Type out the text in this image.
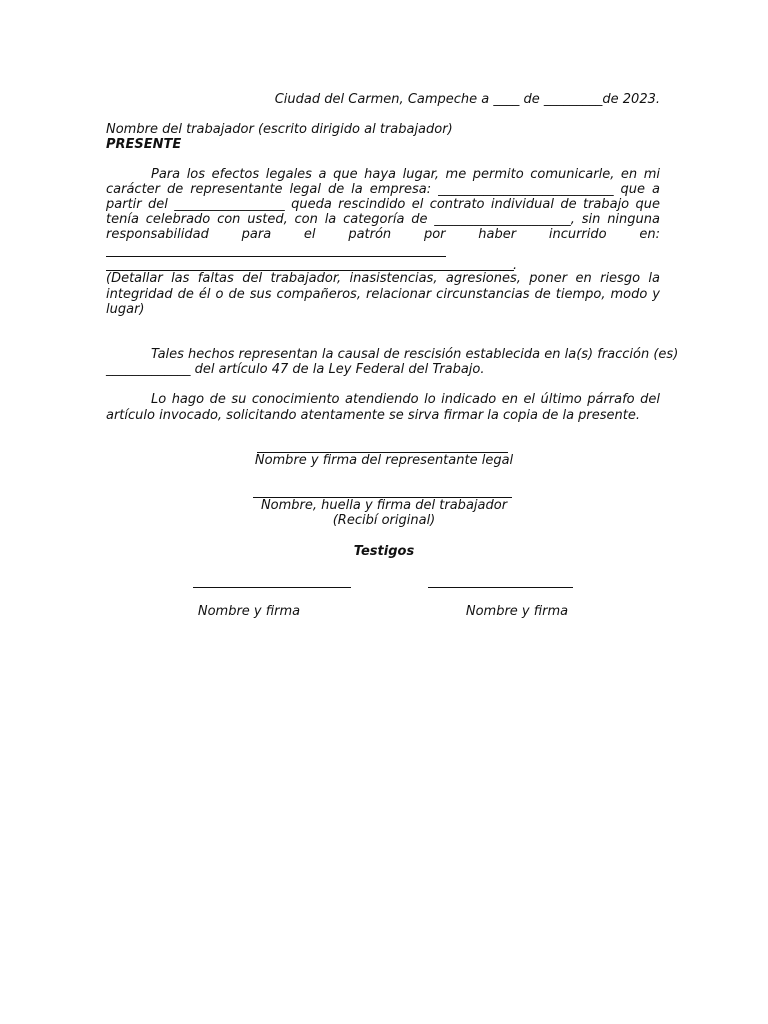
Ciudad del Carmen, Campeche a ____ de _________de 2023.
Nombre del trabajador (escrito dirigido al trabajador)
PRESENTE
Para los efectos legales a que haya lugar, me permito comunicarle, en mi
carácter de representante legal de la empresa: ___________________________ que a
partir del _________________ queda rescindido el contrato individual de trabajo que
tenía celebrado con usted, con la categoría de _____________________, sin ninguna
responsabilidad para el patrón por haber incurrido en:
.
(Detallar las faltas del trabajador, inasistencias, agresiones, poner en riesgo la
integridad de él o de sus compañeros, relacionar circunstancias de tiempo, modo y
lugar)
Tales hechos representan la causal de rescisión establecida en la(s) fracción (es)
_____________ del artículo 47 de la Ley Federal del Trabajo.
Lo hago de su conocimiento atendiendo lo indicado en el último párrafo del
artículo invocado, solicitando atentamente se sirva firmar la copia de la presente.
Nombre y firma del representante legal
Nombre, huella y firma del trabajador
(Recibí original)
Testigos
Nombre y firma	Nombre y firma
